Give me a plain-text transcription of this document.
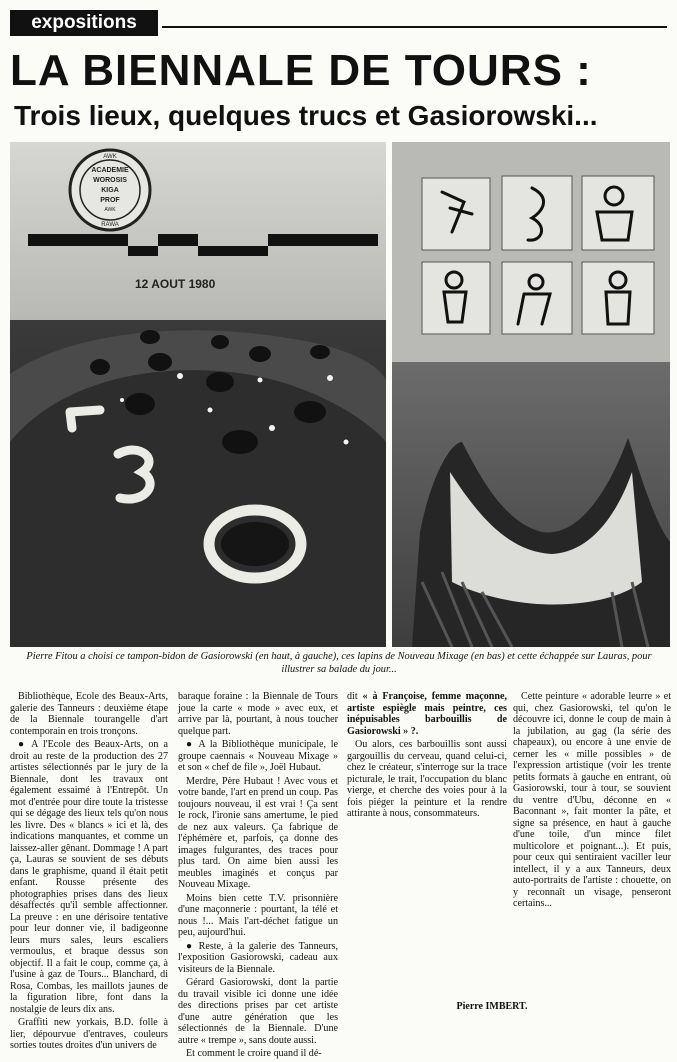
expositions
LA BIENNALE DE TOURS :
Trois lieux, quelques trucs et Gasiorowski...
AWK
ACADEMIE
WOROSIS
KIGA
PROF
AWK
RAWA
12 AOUT 1980

Pierre Fitou a choisi ce tampon-bidon de Gasiorowski (en haut, à gauche), ces lapins de Nouveau Mixage (en bas) et cette échappée sur Lauras, pour illustrer sa balade du jour...

Bibliothèque, Ecole des Beaux-Arts, galerie des Tanneurs : deuxième étape de la Biennale tourangelle d'art contemporain en trois tronçons.

● A l'Ecole des Beaux-Arts, on a droit au reste de la production des 27 artistes sélectionnés par le jury de la Biennale, dont les travaux ont également essaimé à l'Entrepôt. Un mot d'entrée pour dire toute la tristesse qui se dégage des lieux tels qu'on nous les livre. Des « blancs » ici et là, des indications manquantes, et comme un laissez-aller gênant. Dommage ! A part ça, Lauras se souvient de ses débuts dans le graphisme, quand il était petit enfant. Rousse présente des photographies prises dans des lieux désaffectés qu'il semble affectionner. La preuve : en une dérisoire tentative pour leur donner vie, il badigeonne leurs murs sales, leurs escaliers vermoulus, et braque dessus son objectif. Il a fait le coup, comme ça, à l'usine à gaz de Tours... Blanchard, di Rosa, Combas, les maillots jaunes de la figuration libre, font dans la nostalgie de leurs dix ans.

Graffiti new yorkais, B.D. folle à lier, dépourvue d'entraves, couleurs sorties toutes droites d'un univers de

baraque foraine : la Biennale de Tours joue la carte « mode » avec eux, et arrive par là, pourtant, à nous toucher quelque part.

● A la Bibliothèque municipale, le groupe caennais « Nouveau Mixage » et son « chef de file », Joël Hubaut.

Merdre, Père Hubaut ! Avec vous et votre bande, l'art en prend un coup. Pas toujours nouveau, il est vrai ! Ça sent le rock, l'ironie sans amertume, le pied de nez aux valeurs. Ça fabrique de l'éphémère et, parfois, ça donne des images fulgurantes, des traces pour plus tard. On aime bien aussi les meubles imaginés et conçus par Nouveau Mixage.

Moins bien cette T.V. prisonnière d'une maçonnerie : pourtant, la télé et nous !... Mais l'art-déchet fatigue un peu, aujourd'hui.

● Reste, à la galerie des Tanneurs, l'exposition Gasiorowski, cadeau aux visiteurs de la Biennale.

Gérard Gasiorowski, dont la partie du travail visible ici donne une idée des directions prises par cet artiste d'une autre génération que les sélectionnés de la Biennale. D'une autre « trempe », sans doute aussi.

Et comment le croire quand il dé-

dit « à Françoise, femme maçonne, artiste espiègle mais peintre, ces inépuisables barbouillis de Gasiorowski » ?.

Ou alors, ces barbouillis sont aussi gargouillis du cerveau, quand celui-ci, chez le créateur, s'interroge sur la trace picturale, le trait, l'occupation du blanc vierge, et cherche des voies pour à la fois piéger la peinture et la rendre attirante à nous, consommateurs.

Cette peinture « adorable leurre » et qui, chez Gasiorowski, tel qu'on le découvre ici, donne le coup de main à la jubilation, au gag (la série des chapeaux), ou encore à une envie de cerner les « mille possibles » de l'expression artistique (voir les trente petits formats à gauche en entrant, où Gasiorowski, tour à tour, se souvient du ventre d'Ubu, déconne en « Baconnant », fait monter la pâte, et signe sa présence, en haut à gauche d'une toile, d'un mince filet multicolore et poignant...). Et puis, pour ceux qui sentiraient vaciller leur intellect, il y a aux Tanneurs, deux auto-portraits de l'artiste : chouette, on y reconnaît un visage, penseront certains...

Pierre IMBERT.
